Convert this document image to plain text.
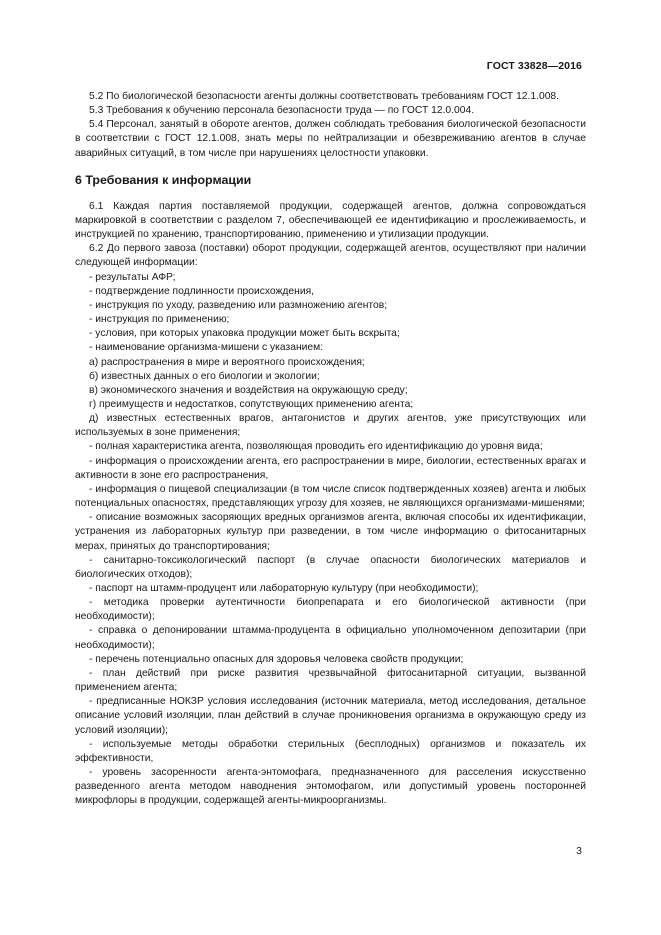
ГОСТ 33828—2016

5.2 По биологической безопасности агенты должны соответствовать требованиям ГОСТ 12.1.008.

5.3 Требования к обучению персонала безопасности труда — по ГОСТ 12.0.004.

5.4 Персонал, занятый в обороте агентов, должен соблюдать требования биологической безопасности в соответствии с ГОСТ 12.1.008, знать меры по нейтрализации и обезвреживанию агентов в случае аварийных ситуаций, в том числе при нарушениях целостности упаковки.

6 Требования к информации

6.1 Каждая партия поставляемой продукции, содержащей агентов, должна сопровождаться маркировкой в соответствии с разделом 7, обеспечивающей ее идентификацию и прослеживаемость, и инструкцией по хранению, транспортированию, применению и утилизации продукции.

6.2 До первого завоза (поставки) оборот продукции, содержащей агентов, осуществляют при наличии следующей информации:

- результаты АФР;

- подтверждение подлинности происхождения,

- инструкция по уходу, разведению или размножению агентов;

- инструкция по применению;

- условия, при которых упаковка продукции может быть вскрыта;

- наименование организма-мишени с указанием:

а) распространения в мире и вероятного происхождения;

б) известных данных о его биологии и экологии;

в) экономического значения и воздействия на окружающую среду;

г) преимуществ и недостатков, сопутствующих применению агента;

д) известных естественных врагов, антагонистов и других агентов, уже присутствующих или используемых в зоне применения;

- полная характеристика агента, позволяющая проводить его идентификацию до уровня вида;

- информация о происхождении агента, его распространении в мире, биологии, естественных врагах и активности в зоне его распространения,

- информация о пищевой специализации (в том числе список подтвержденных хозяев) агента и любых потенциальных опасностях, представляющих угрозу для хозяев, не являющихся организмами-мишенями;

- описание возможных засоряющих вредных организмов агента, включая способы их идентификации, устранения из лабораторных культур при разведении, в том числе информацию о фитосанитарных мерах, принятых до транспортирования;

- санитарно-токсикологический паспорт (в случае опасности биологических материалов и биологических отходов);

- паспорт на штамм-продуцент или лабораторную культуру (при необходимости);

- методика проверки аутентичности биопрепарата и его биологической активности (при необходимости);

- справка о депонировании штамма-продуцента в официально уполномоченном депозитарии (при необходимости);

- перечень потенциально опасных для здоровья человека свойств продукции;

- план действий при риске развития чрезвычайной фитосанитарной ситуации, вызванной применением агента;

- предписанные НОКЗР условия исследования (источник материала, метод исследования, детальное описание условий изоляции, план действий в случае проникновения организма в окружающую среду из условий изоляции);

- используемые методы обработки стерильных (бесплодных) организмов и показатель их эффективности,

- уровень засоренности агента-энтомофага, предназначенного для расселения искусственно разведенного агента методом наводнения энтомофагом, или допустимый уровень посторонней микрофлоры в продукции, содержащей агенты-микроорганизмы.

3
